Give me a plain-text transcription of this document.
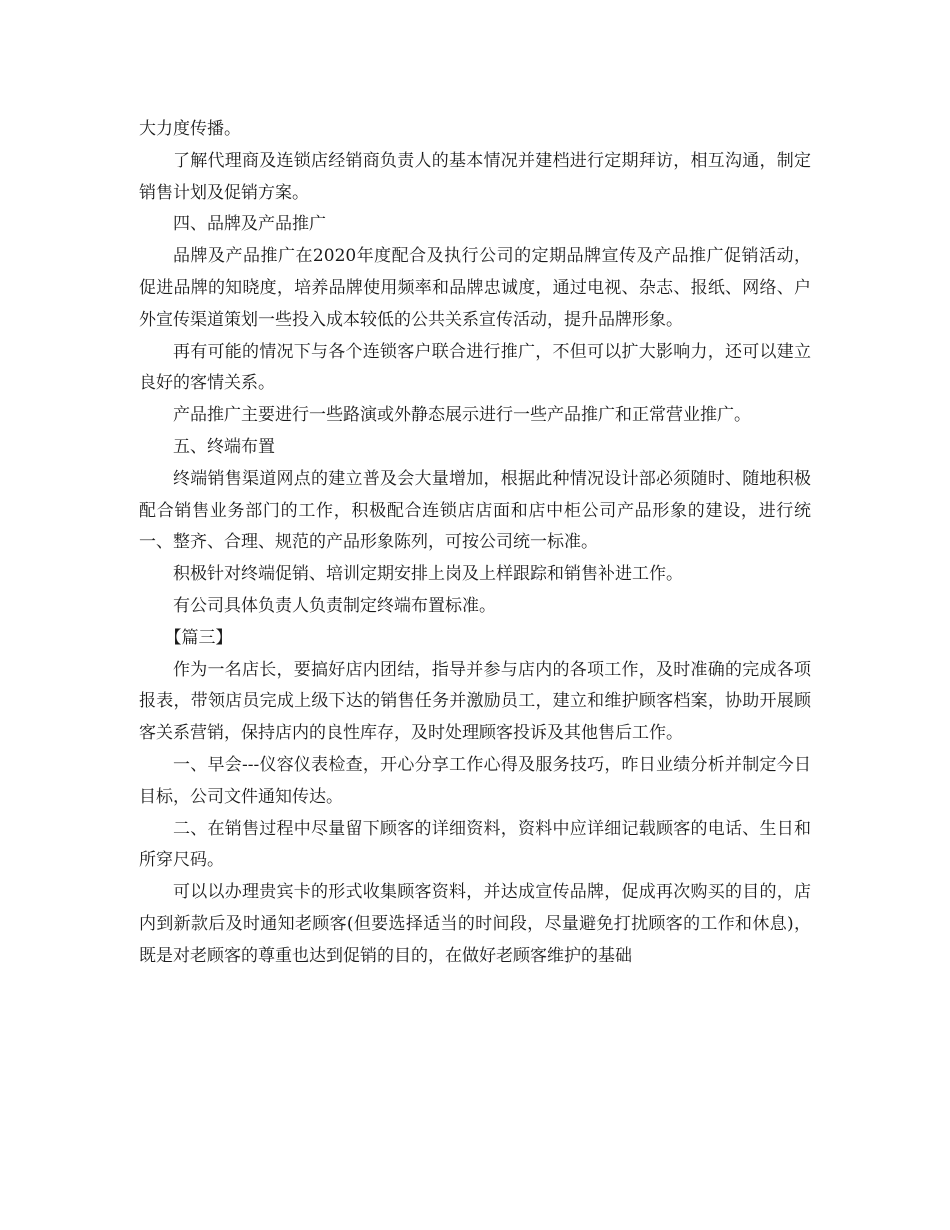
大力度传播。

了解代理商及连锁店经销商负责人的基本情况并建档进行定期拜访，相互沟通，制定销售计划及促销方案。

四、品牌及产品推广

品牌及产品推广在2020年度配合及执行公司的定期品牌宣传及产品推广促销活动，促进品牌的知晓度，培养品牌使用频率和品牌忠诚度，通过电视、杂志、报纸、网络、户外宣传渠道策划一些投入成本较低的公共关系宣传活动，提升品牌形象。

再有可能的情况下与各个连锁客户联合进行推广，不但可以扩大影响力，还可以建立良好的客情关系。

产品推广主要进行一些路演或外静态展示进行一些产品推广和正常营业推广。

五、终端布置

终端销售渠道网点的建立普及会大量增加，根据此种情况设计部必须随时、随地积极配合销售业务部门的工作，积极配合连锁店店面和店中柜公司产品形象的建设，进行统一、整齐、合理、规范的产品形象陈列，可按公司统一标准。

积极针对终端促销、培训定期安排上岗及上样跟踪和销售补进工作。

有公司具体负责人负责制定终端布置标准。

【篇三】

作为一名店长，要搞好店内团结，指导并参与店内的各项工作，及时准确的完成各项报表，带领店员完成上级下达的销售任务并激励员工，建立和维护顾客档案，协助开展顾客关系营销，保持店内的良性库存，及时处理顾客投诉及其他售后工作。

一、早会---仪容仪表检查，开心分享工作心得及服务技巧，昨日业绩分析并制定今日目标，公司文件通知传达。

二、在销售过程中尽量留下顾客的详细资料，资料中应详细记载顾客的电话、生日和所穿尺码。

可以以办理贵宾卡的形式收集顾客资料，并达成宣传品牌，促成再次购买的目的，店内到新款后及时通知老顾客(但要选择适当的时间段，尽量避免打扰顾客的工作和休息)，既是对老顾客的尊重也达到促销的目的，在做好老顾客维护的基础
